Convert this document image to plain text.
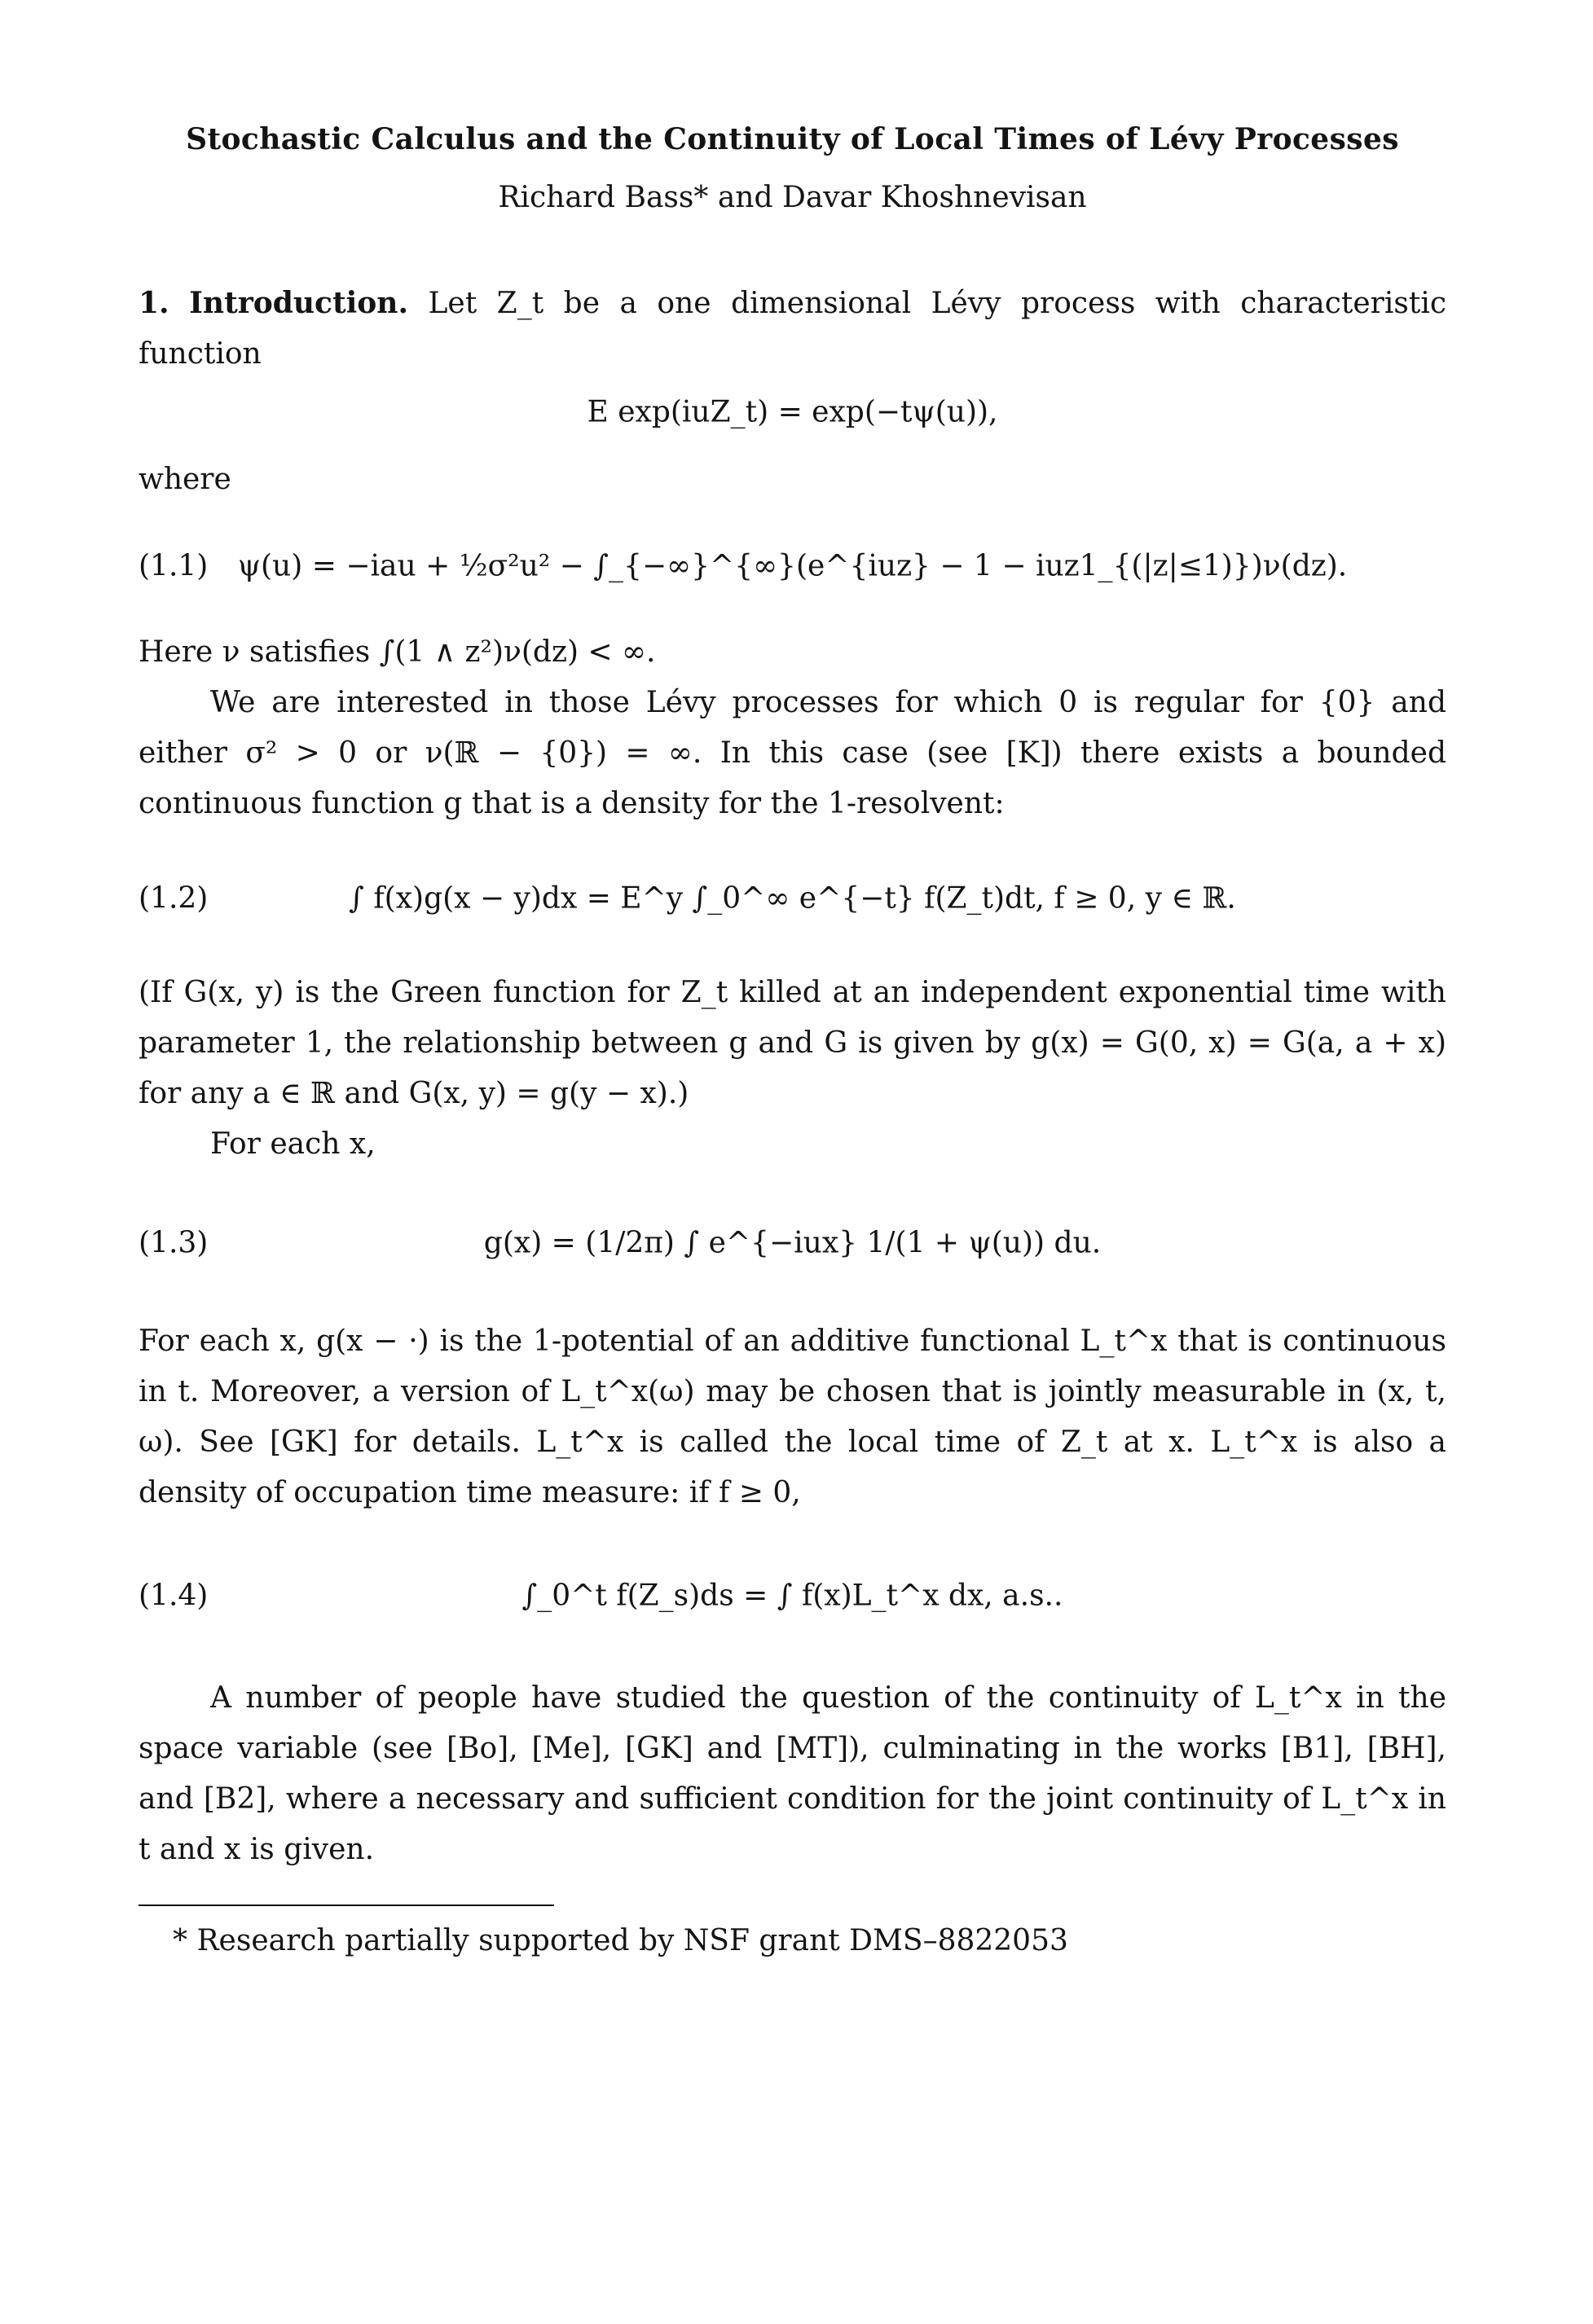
Stochastic Calculus and the Continuity of Local Times of Lévy Processes
Richard Bass* and Davar Khoshnevisan

1. Introduction. Let Z_t be a one dimensional Lévy process with characteristic function

E exp(iuZ_t) = exp(−tψ(u)),

where

(1.1)	ψ(u) = −iau + ½σ²u² − ∫_{−∞}^{∞}(e^{iuz} − 1 − iuz1_{(|z|≤1)})ν(dz).

Here ν satisfies ∫(1 ∧ z²)ν(dz) < ∞.

We are interested in those Lévy processes for which 0 is regular for {0} and either σ² > 0 or ν(ℝ − {0}) = ∞. In this case (see [K]) there exists a bounded continuous function g that is a density for the 1-resolvent:

(1.2)	∫ f(x)g(x − y)dx = E^y ∫_0^∞ e^{−t} f(Z_t)dt, f ≥ 0, y ∈ ℝ.

(If G(x, y) is the Green function for Z_t killed at an independent exponential time with parameter 1, the relationship between g and G is given by g(x) = G(0, x) = G(a, a + x) for any a ∈ ℝ and G(x, y) = g(y − x).)

For each x,

(1.3)	g(x) = (1/2π) ∫ e^{−iux} 1/(1 + ψ(u)) du.

For each x, g(x − ·) is the 1-potential of an additive functional L_t^x that is continuous in t. Moreover, a version of L_t^x(ω) may be chosen that is jointly measurable in (x, t, ω). See [GK] for details. L_t^x is called the local time of Z_t at x. L_t^x is also a density of occupation time measure: if f ≥ 0,

(1.4)	∫_0^t f(Z_s)ds = ∫ f(x)L_t^x dx, a.s..

A number of people have studied the question of the continuity of L_t^x in the space variable (see [Bo], [Me], [GK] and [MT]), culminating in the works [B1], [BH], and [B2], where a necessary and sufficient condition for the joint continuity of L_t^x in t and x is given.

* Research partially supported by NSF grant DMS–8822053
